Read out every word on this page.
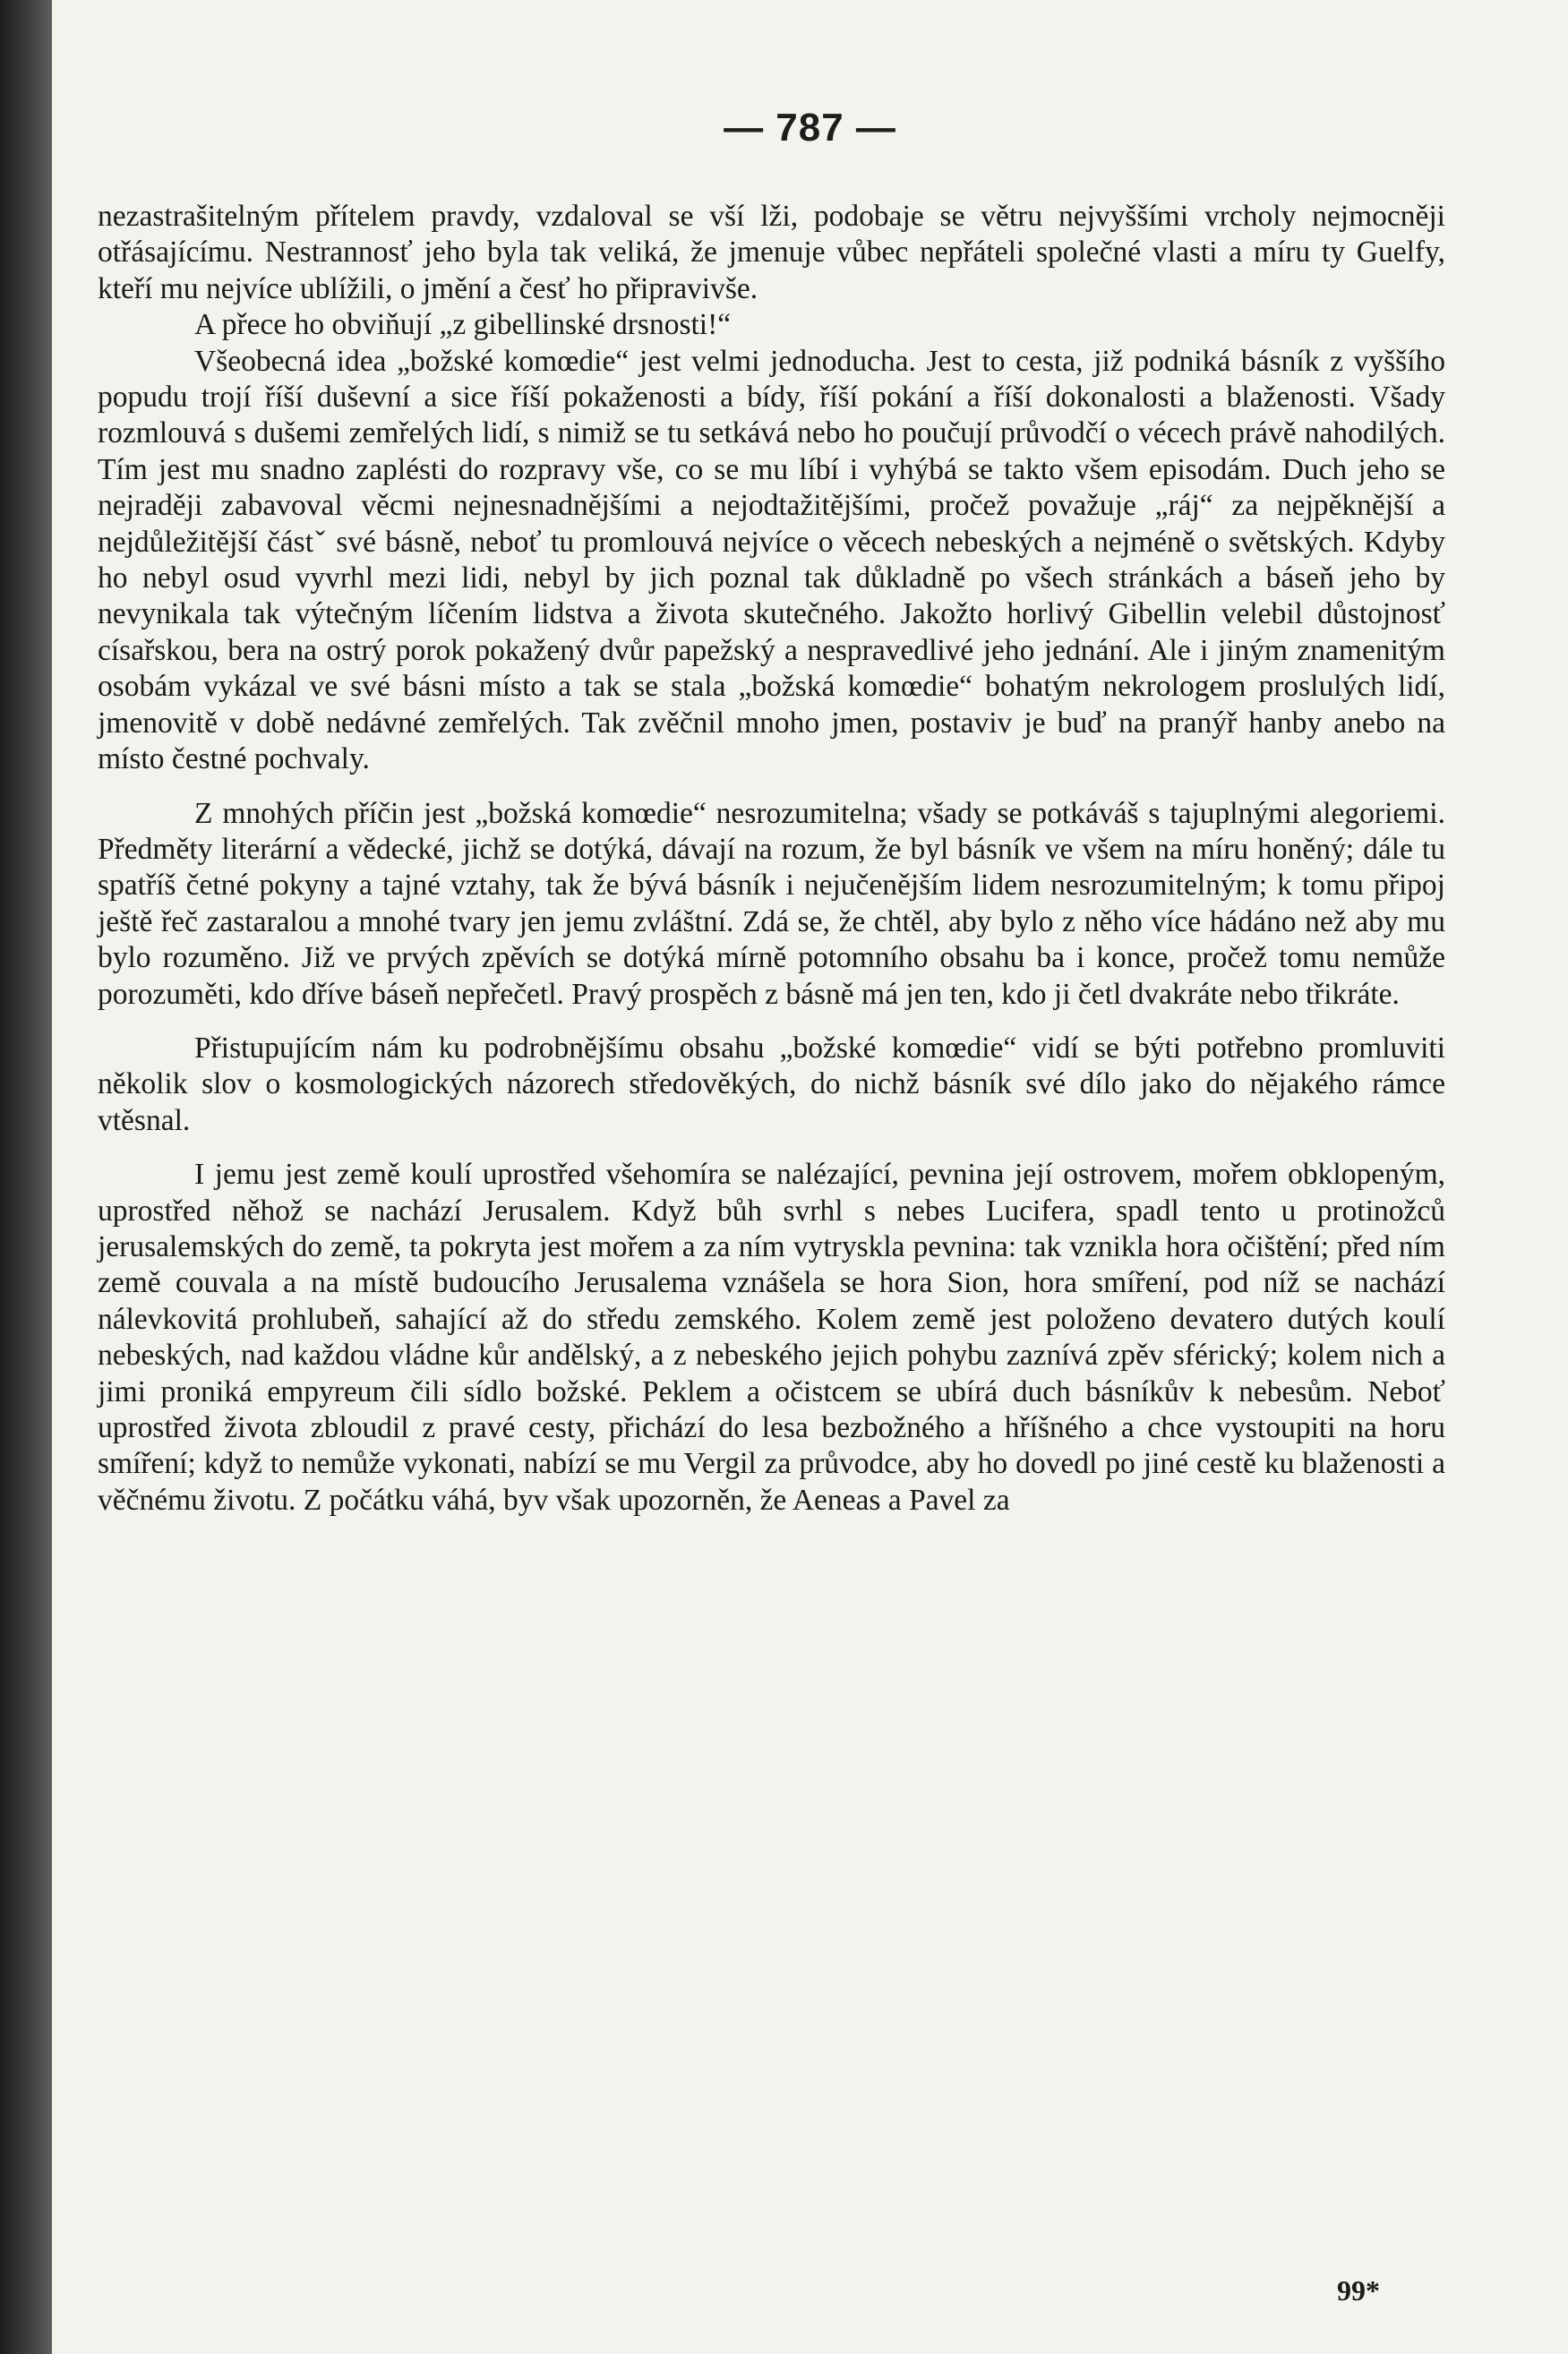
— 787 —

nezastrašitelným přítelem pravdy, vzdaloval se vší lži, podobaje se větru nejvyššími vrcholy nejmocněji otřásajícímu. Nestrannosť jeho byla tak veliká, že jmenuje vůbec nepřáteli společné vlasti a míru ty Guelfy, kteří mu nejvíce ublížili, o jmění a česť ho připravivše.

A přece ho obviňují „z gibellinské drsnosti!“

Všeobecná idea „božské komœdie“ jest velmi jednoducha. Jest to cesta, již podniká básník z vyššího popudu trojí říší duševní a sice říší pokaženosti a bídy, říší pokání a říší dokonalosti a blaženosti. Všady rozmlouvá s dušemi zemřelých lidí, s nimiž se tu setkává nebo ho poučují průvodčí o vécech právě nahodilých. Tím jest mu snadno zaplésti do rozpravy vše, co se mu líbí i vyhýbá se takto všem episodám. Duch jeho se nejraději zabavoval věcmi nejnesnadnějšími a nejodtažitějšími, pročež považuje „ráj“ za nejpěknější a nejdůležitější částˇ své básně, neboť tu promlouvá nejvíce o věcech nebeských a nejméně o světských. Kdyby ho nebyl osud vyvrhl mezi lidi, nebyl by jich poznal tak důkladně po všech stránkách a báseň jeho by nevynikala tak výtečným líčením lidstva a života skutečného. Jakožto horlivý Gibellin velebil důstojnosť císařskou, bera na ostrý porok pokažený dvůr papežský a nespravedlivé jeho jednání. Ale i jiným znamenitým osobám vykázal ve své básni místo a tak se stala „božská komœdie“ bohatým nekrologem proslulých lidí, jmenovitě v době nedávné zemřelých. Tak zvěčnil mnoho jmen, postaviv je buď na pranýř hanby anebo na místo čestné pochvaly.

Z mnohých příčin jest „božská komœdie“ nesrozumitelna; všady se potkáváš s tajuplnými alegoriemi. Předměty literární a vědecké, jichž se dotýká, dávají na rozum, že byl básník ve všem na míru honěný; dále tu spatříš četné pokyny a tajné vztahy, tak že bývá básník i nejučenějším lidem nesrozumitelným; k tomu připoj ještě řeč zastaralou a mnohé tvary jen jemu zvláštní. Zdá se, že chtěl, aby bylo z něho více hádáno než aby mu bylo rozuměno. Již ve prvých zpěvích se dotýká mírně potomního obsahu ba i konce, pročež tomu nemůže porozuměti, kdo dříve báseň nepřečetl. Pravý prospěch z básně má jen ten, kdo ji četl dvakráte nebo třikráte.

Přistupujícím nám ku podrobnějšímu obsahu „božské komœdie“ vidí se býti potřebno promluviti několik slov o kosmologických názorech středověkých, do nichž básník své dílo jako do nějakého rámce vtěsnal.

I jemu jest země koulí uprostřed všehomíra se nalézající, pevnina její ostrovem, mořem obklopeným, uprostřed něhož se nachází Jerusalem. Když bůh svrhl s nebes Lucifera, spadl tento u protinožců jerusalemských do země, ta pokryta jest mořem a za ním vytryskla pevnina: tak vznikla hora očištění; před ním země couvala a na místě budoucího Jerusalema vznášela se hora Sion, hora smíření, pod níž se nachází nálevkovitá prohlubeň, sahající až do středu zemského. Kolem země jest položeno devatero dutých koulí nebeských, nad každou vládne kůr andělský, a z nebeského jejich pohybu zaznívá zpěv sférický; kolem nich a jimi proniká empyreum čili sídlo božské. Peklem a očistcem se ubírá duch básníkův k nebesům. Neboť uprostřed života zbloudil z pravé cesty, přichází do lesa bezbožného a hříšného a chce vystoupiti na horu smíření; když to nemůže vykonati, nabízí se mu Vergil za průvodce, aby ho dovedl po jiné cestě ku blaženosti a věčnému životu. Z počátku váhá, byv však upozorněn, že Aeneas a Pavel za

99*
